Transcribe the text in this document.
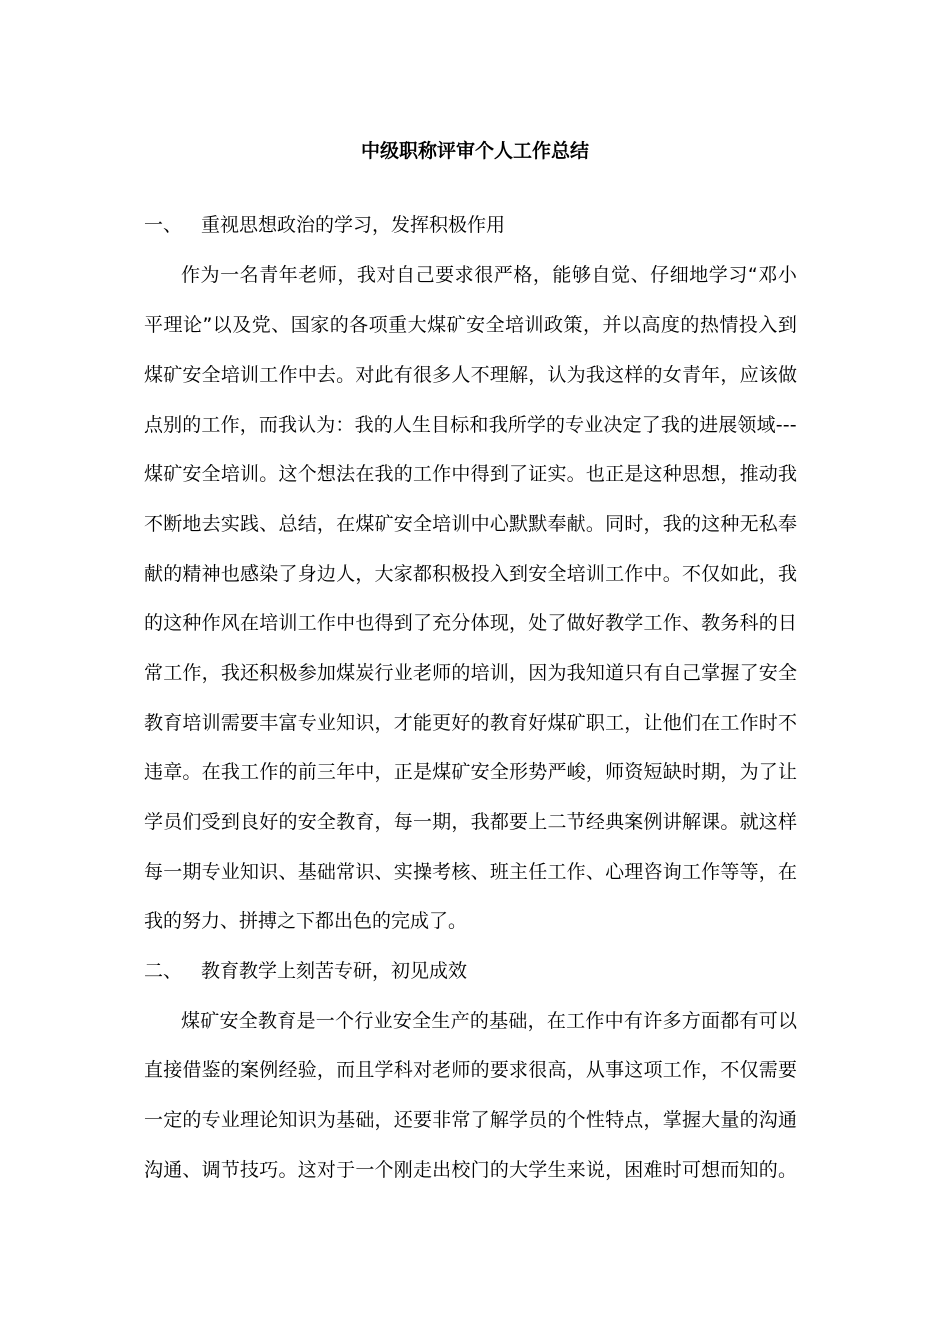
中级职称评审个人工作总结
一、 重视思想政治的学习，发挥积极作用
作为一名青年老师，我对自己要求很严格，能够自觉、仔细地学习“邓小
平理论”以及党、国家的各项重大煤矿安全培训政策，并以高度的热情投入到
煤矿安全培训工作中去。对此有很多人不理解，认为我这样的女青年，应该做
点别的工作，而我认为：我的人生目标和我所学的专业决定了我的进展领域---
煤矿安全培训。这个想法在我的工作中得到了证实。也正是这种思想，推动我
不断地去实践、总结，在煤矿安全培训中心默默奉献。同时，我的这种无私奉
献的精神也感染了身边人，大家都积极投入到安全培训工作中。不仅如此，我
的这种作风在培训工作中也得到了充分体现，处了做好教学工作、教务科的日
常工作，我还积极参加煤炭行业老师的培训，因为我知道只有自己掌握了安全
教育培训需要丰富专业知识，才能更好的教育好煤矿职工，让他们在工作时不
违章。在我工作的前三年中，正是煤矿安全形势严峻，师资短缺时期，为了让
学员们受到良好的安全教育，每一期，我都要上二节经典案例讲解课。就这样
每一期专业知识、基础常识、实操考核、班主任工作、心理咨询工作等等，在
我的努力、拼搏之下都出色的完成了。
二、 教育教学上刻苦专研，初见成效
煤矿安全教育是一个行业安全生产的基础，在工作中有许多方面都有可以
直接借鉴的案例经验，而且学科对老师的要求很高，从事这项工作，不仅需要
一定的专业理论知识为基础，还要非常了解学员的个性特点，掌握大量的沟通
沟通、调节技巧。这对于一个刚走出校门的大学生来说，困难时可想而知的。
